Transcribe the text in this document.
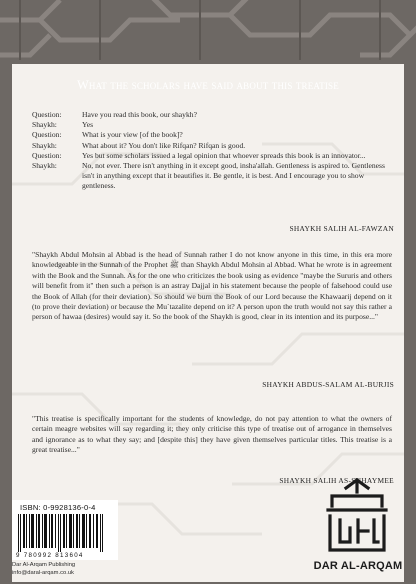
What the scholars have said about this treatise
Question:	Have you read this book, our shaykh?
Shaykh:	Yes
Question:	What is your view [of the book]?
Shaykh:	What about it? You don't like Rifqan? Rifqan is good.
Question:	Yes but some scholars issued a legal opinion that whoever spreads this book is an innovator...
Shaykh:	No, not ever. There isn't anything in it except good, insha'allah. Gentleness is aspired to. Gentleness isn't in anything except that it beautifies it. Be gentle, it is best. And I encourage you to show gentleness.
SHAYKH SALIH AL-FAWZAN
"Shaykh Abdul Mohsin al Abbad is the head of Sunnah rather I do not know anyone in this time, in this era more knowledgeable in the Sunnah of the Prophet ﷺ than Shaykh Abdul Mohsin al Abbad. What he wrote is in agreement with the Book and the Sunnah. As for the one who criticizes the book using as evidence "maybe the Sururis and others will benefit from it" then such a person is an astray Dajjal in his statement because the people of falsehood could use the Book of Allah (for their deviation). So should we burn the Book of our Lord because the Khawaarij depend on it (to prove their deviation) or because the Mu`tazalite depend on it? A person upon the truth would not say this rather a person of hawaa (desires) would say it. So the book of the Shaykh is good, clear in its intention and its purpose..."
SHAYKH ABDUS-SALAM AL-BURJIS
"This treatise is specifically important for the students of knowledge, do not pay attention to what the owners of certain meagre websites will say regarding it; they only criticise this type of treatise out of arrogance in themselves and ignorance as to what they say; and [despite this] they have given themselves particular titles. This treatise is a great treatise..."
SHAYKH SALIH AS-SUHAYMEE
ISBN: 0-9928136-0-4
9 780992 813604
Dar Al-Arqam Publishing
info@daral-arqam.co.uk
DAR AL-ARQAM
